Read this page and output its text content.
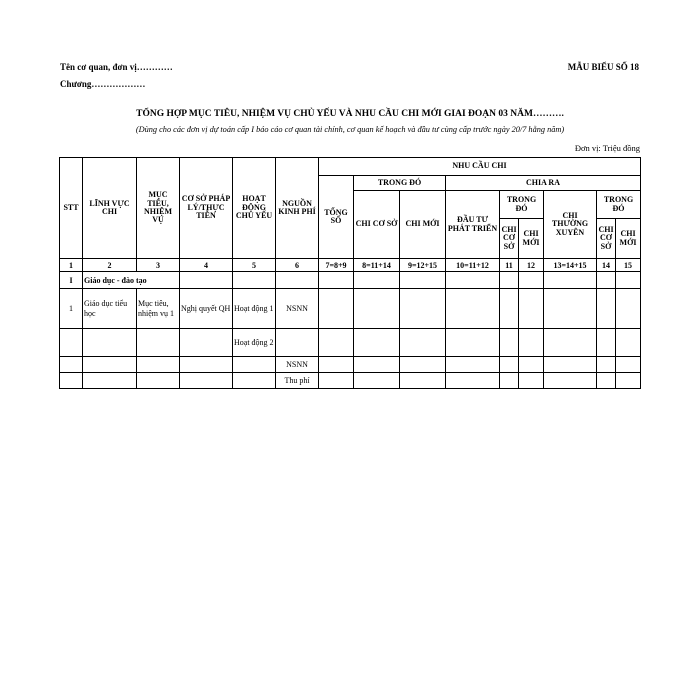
Tên cơ quan, đơn vị…………
Chương………………
MẪU BIỂU SỐ 18
TỔNG HỢP MỤC TIÊU, NHIỆM VỤ CHỦ YẾU VÀ NHU CẦU CHI MỚI GIAI ĐOẠN 03 NĂM……….
(Dùng cho các đơn vị dự toán cấp I báo cáo cơ quan tài chính, cơ quan kế hoạch và đầu tư cùng cấp trước ngày 20/7 hằng năm)
Đơn vị: Triệu đồng
STT	LĨNH VỰC CHI	MỤC TIÊU, NHIỆM VỤ	CƠ SỞ PHÁP LÝ/THỰC TIỄN	HOẠT ĐỘNG CHỦ YẾU	NGUỒN KINH PHÍ	NHU CẦU CHI								
						TỔNG SỐ	TRONG ĐÓ		CHIA RA					
							CHI CƠ SỞ	CHI MỚI	ĐẦU TƯ PHÁT TRIỂN	TRONG ĐÓ		CHI THƯỜNG XUYÊN	TRONG ĐÓ	
										CHI CƠ SỞ	CHI MỚI		CHI CƠ SỞ	CHI MỚI
1	2	3	4	5	6	7=8+9	8=11+14	9=12+15	10=11+12	11	12	13=14+15	14	15
I	Giáo dục - đào tạo													
1	Giáo dục tiểu học	Mục tiêu, nhiệm vụ 1	Nghị quyết QH	Hoạt động 1	NSNN									
				Hoạt động 2										
					NSNN									
					Thu phí									
